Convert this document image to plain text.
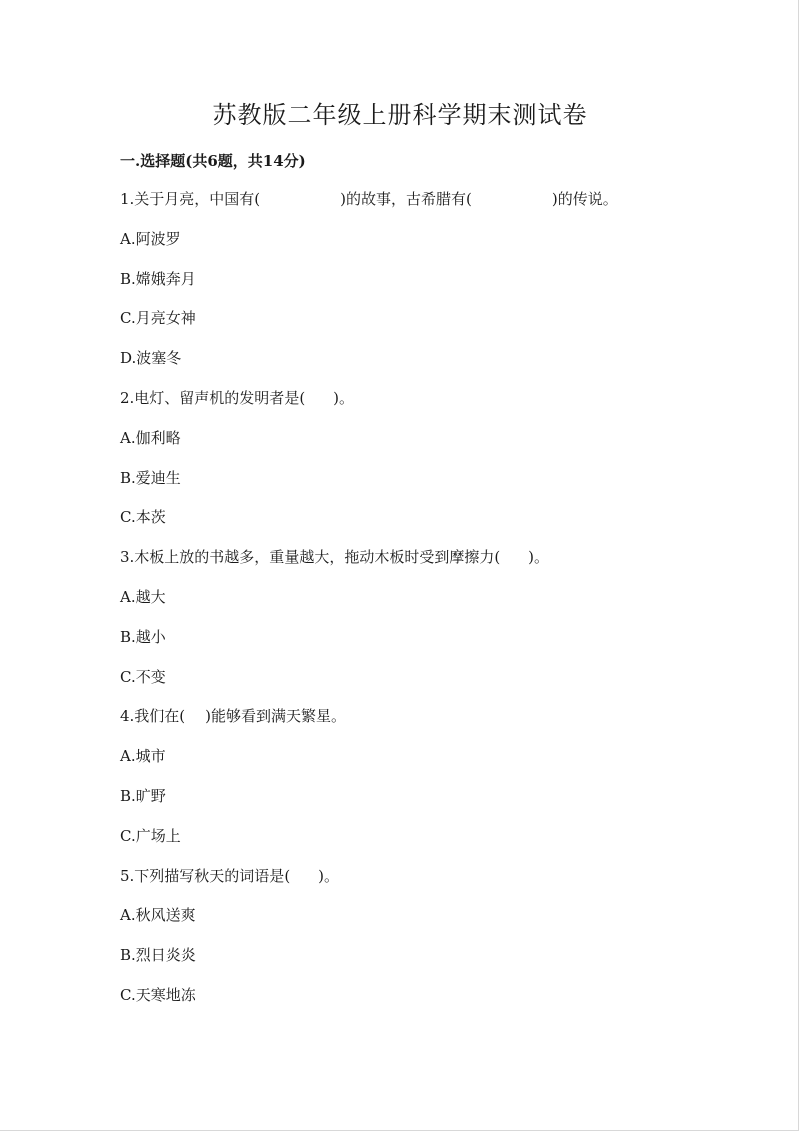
苏教版二年级上册科学期末测试卷
一.选择题(共6题，共14分)
1.关于月亮，中国有(	)的故事，古希腊有(	)的传说。
A.阿波罗
B.嫦娥奔月
C.月亮女神
D.波塞冬
2.电灯、留声机的发明者是( )。
A.伽利略
B.爱迪生
C.本茨
3.木板上放的书越多，重量越大，拖动木板时受到摩擦力( )。
A.越大
B.越小
C.不变
4.我们在( )能够看到满天繁星。
A.城市
B.旷野
C.广场上
5.下列描写秋天的词语是( )。
A.秋风送爽
B.烈日炎炎
C.天寒地冻
